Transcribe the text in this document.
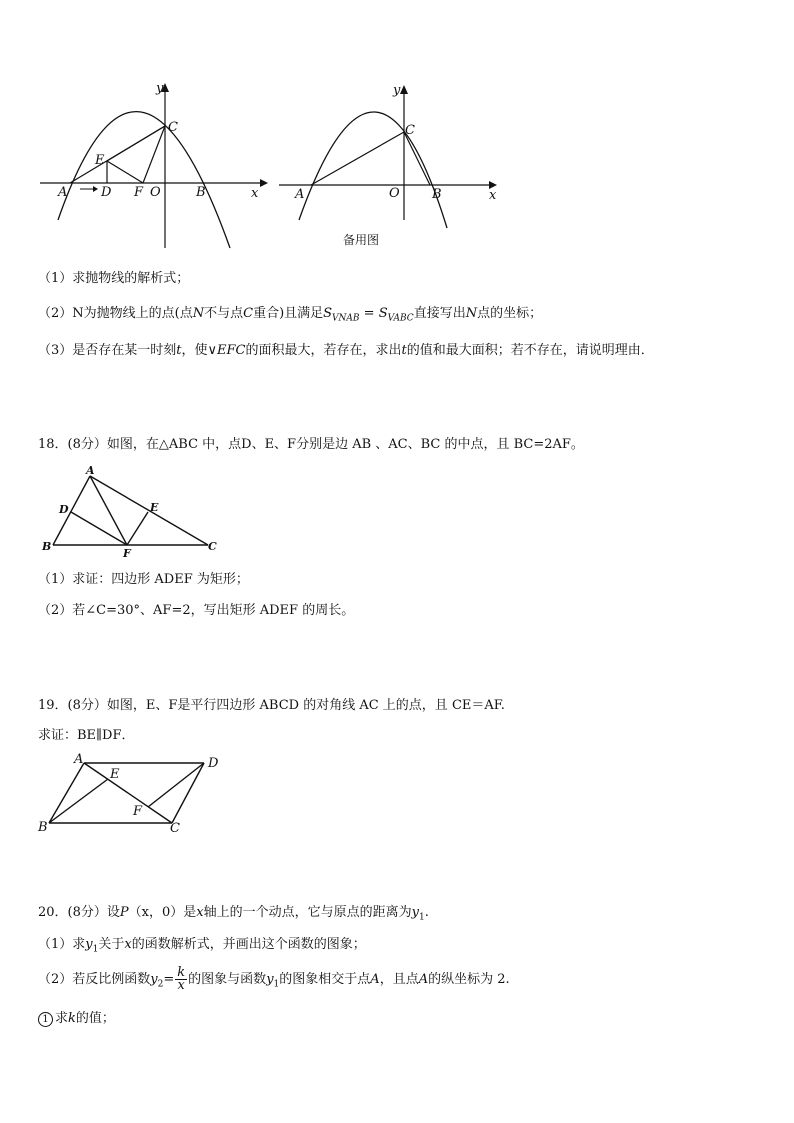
y
x
A	B
C
D
E
F O
y
x
A	B
C
O
备用图
（1）求抛物线的解析式；
（2）N为抛物线上的点(点N不与点C重合)且满足$S_{VNAB} = S_{VABC}$直接写出N点的坐标；
（3）是否存在某一时刻t，使∨EFC的面积最大，若存在，求出t的值和最大面积；若不存在，请说明理由．
18．(8分）如图，在△ABC 中，点D、E、F分别是边 AB 、AC、BC 的中点，且 BC=2AF。
A
B	C
D	E
F
（1）求证：四边形 ADEF 为矩形；
（2）若∠C=30°、AF=2，写出矩形 ADEF 的周长。
19．(8分）如图，E、F是平行四边形 ABCD 的对角线 AC 上的点，且 CE＝AF.
求证：BE∥DF．
A	D
B	C
E
F
20．(8分）设P（x，0）是x轴上的一个动点，它与原点的距离为$y_1$.
（1）求$y_1$关于x的函数解析式，并画出这个函数的图象；
（2）若反比例函数$y_2= \frac{k}{x}$ 的图象与函数$y_1$的图象相交于点A，且点A的纵坐标为 2.
1 求k的值；
